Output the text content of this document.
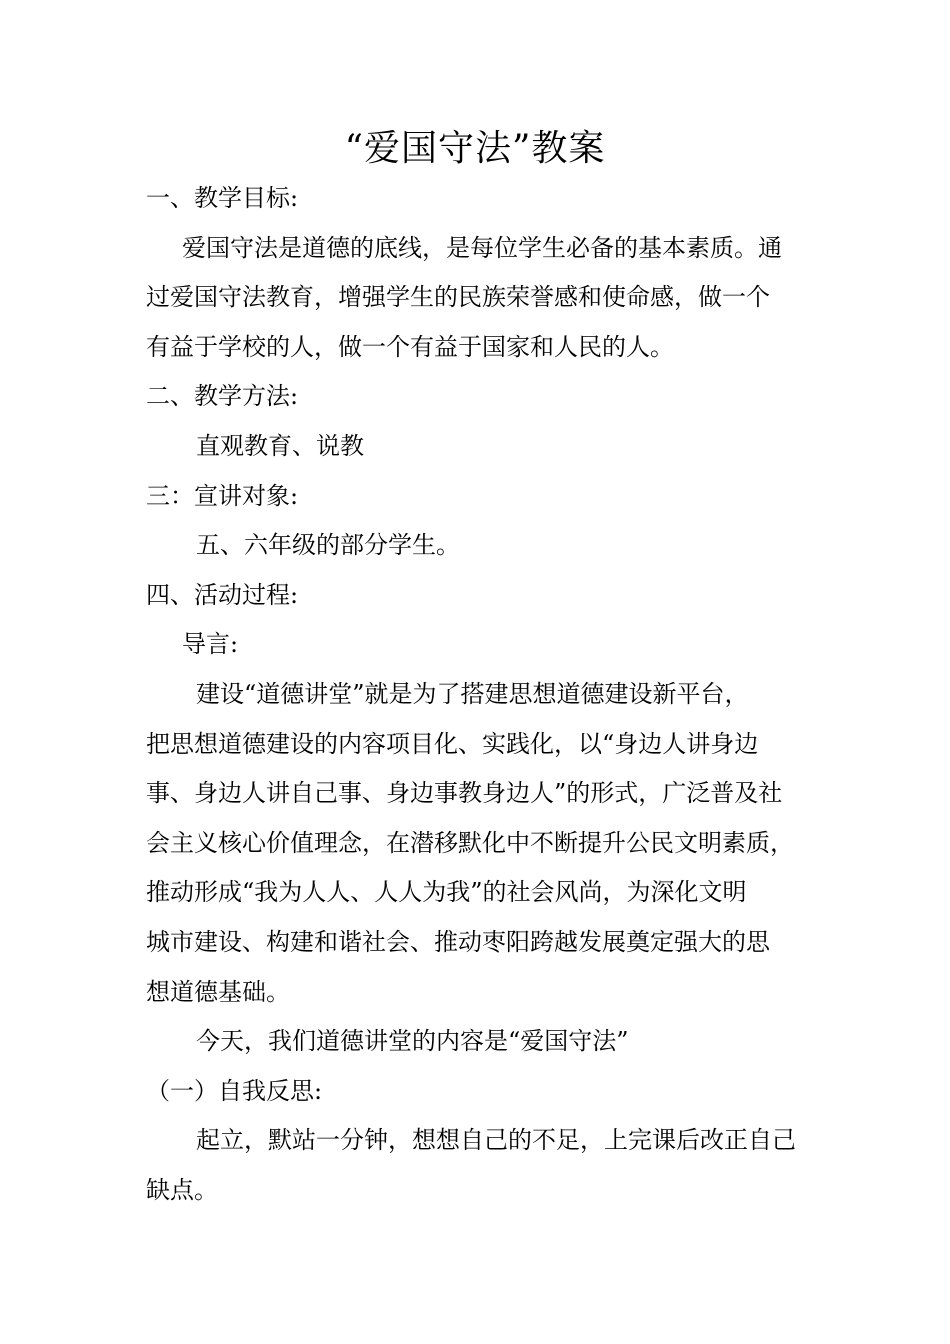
“爱国守法”教案
一、教学目标:
爱国守法是道德的底线，是每位学生必备的基本素质。通
过爱国守法教育，增强学生的民族荣誉感和使命感，做一个
有益于学校的人，做一个有益于国家和人民的人。
二、教学方法:
直观教育、说教
三：宣讲对象:
五、六年级的部分学生。
四、活动过程:
导言:
建设“道德讲堂”就是为了搭建思想道德建设新平台，
把思想道德建设的内容项目化、实践化，以“身边人讲身边
事、身边人讲自己事、身边事教身边人”的形式，广泛普及社
会主义核心价值理念，在潜移默化中不断提升公民文明素质，
推动形成“我为人人、人人为我”的社会风尚，为深化文明
城市建设、构建和谐社会、推动枣阳跨越发展奠定强大的思
想道德基础。
今天，我们道德讲堂的内容是“爱国守法”
（一）自我反思:
起立，默站一分钟，想想自己的不足，上完课后改正自己
缺点。
